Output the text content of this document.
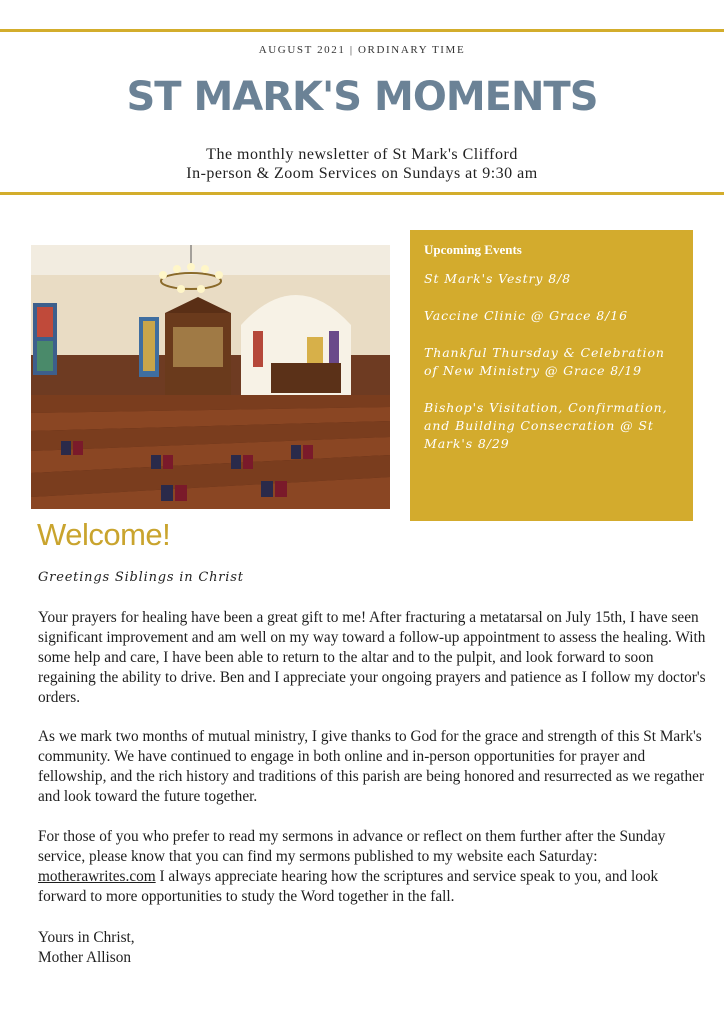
AUGUST 2021 | ORDINARY TIME
ST MARK'S MOMENTS
The monthly newsletter of St Mark's Clifford
In-person & Zoom Services on Sundays at 9:30 am
Upcoming Events
St Mark's Vestry 8/8
Vaccine Clinic @ Grace 8/16
Thankful Thursday & Celebration of New Ministry @ Grace 8/19
Bishop's Visitation, Confirmation, and Building Consecration @ St Mark's 8/29
Welcome!
Greetings Siblings in Christ

Your prayers for healing have been a great gift to me! After fracturing a metatarsal on July 15th, I have seen significant improvement and am well on my way toward a follow-up appointment to assess the healing. With some help and care, I have been able to return to the altar and to the pulpit, and look forward to soon regaining the ability to drive. Ben and I appreciate your ongoing prayers and patience as I follow my doctor's orders.

As we mark two months of mutual ministry, I give thanks to God for the grace and strength of this St Mark's community. We have continued to engage in both online and in-person opportunities for prayer and fellowship, and the rich history and traditions of this parish are being honored and resurrected as we regather and look toward the future together.

For those of you who prefer to read my sermons in advance or reflect on them further after the Sunday service, please know that you can find my sermons published to my website each Saturday: motherawrites.com I always appreciate hearing how the scriptures and service speak to you, and look forward to more opportunities to study the Word together in the fall.

Yours in Christ,
Mother Allison
